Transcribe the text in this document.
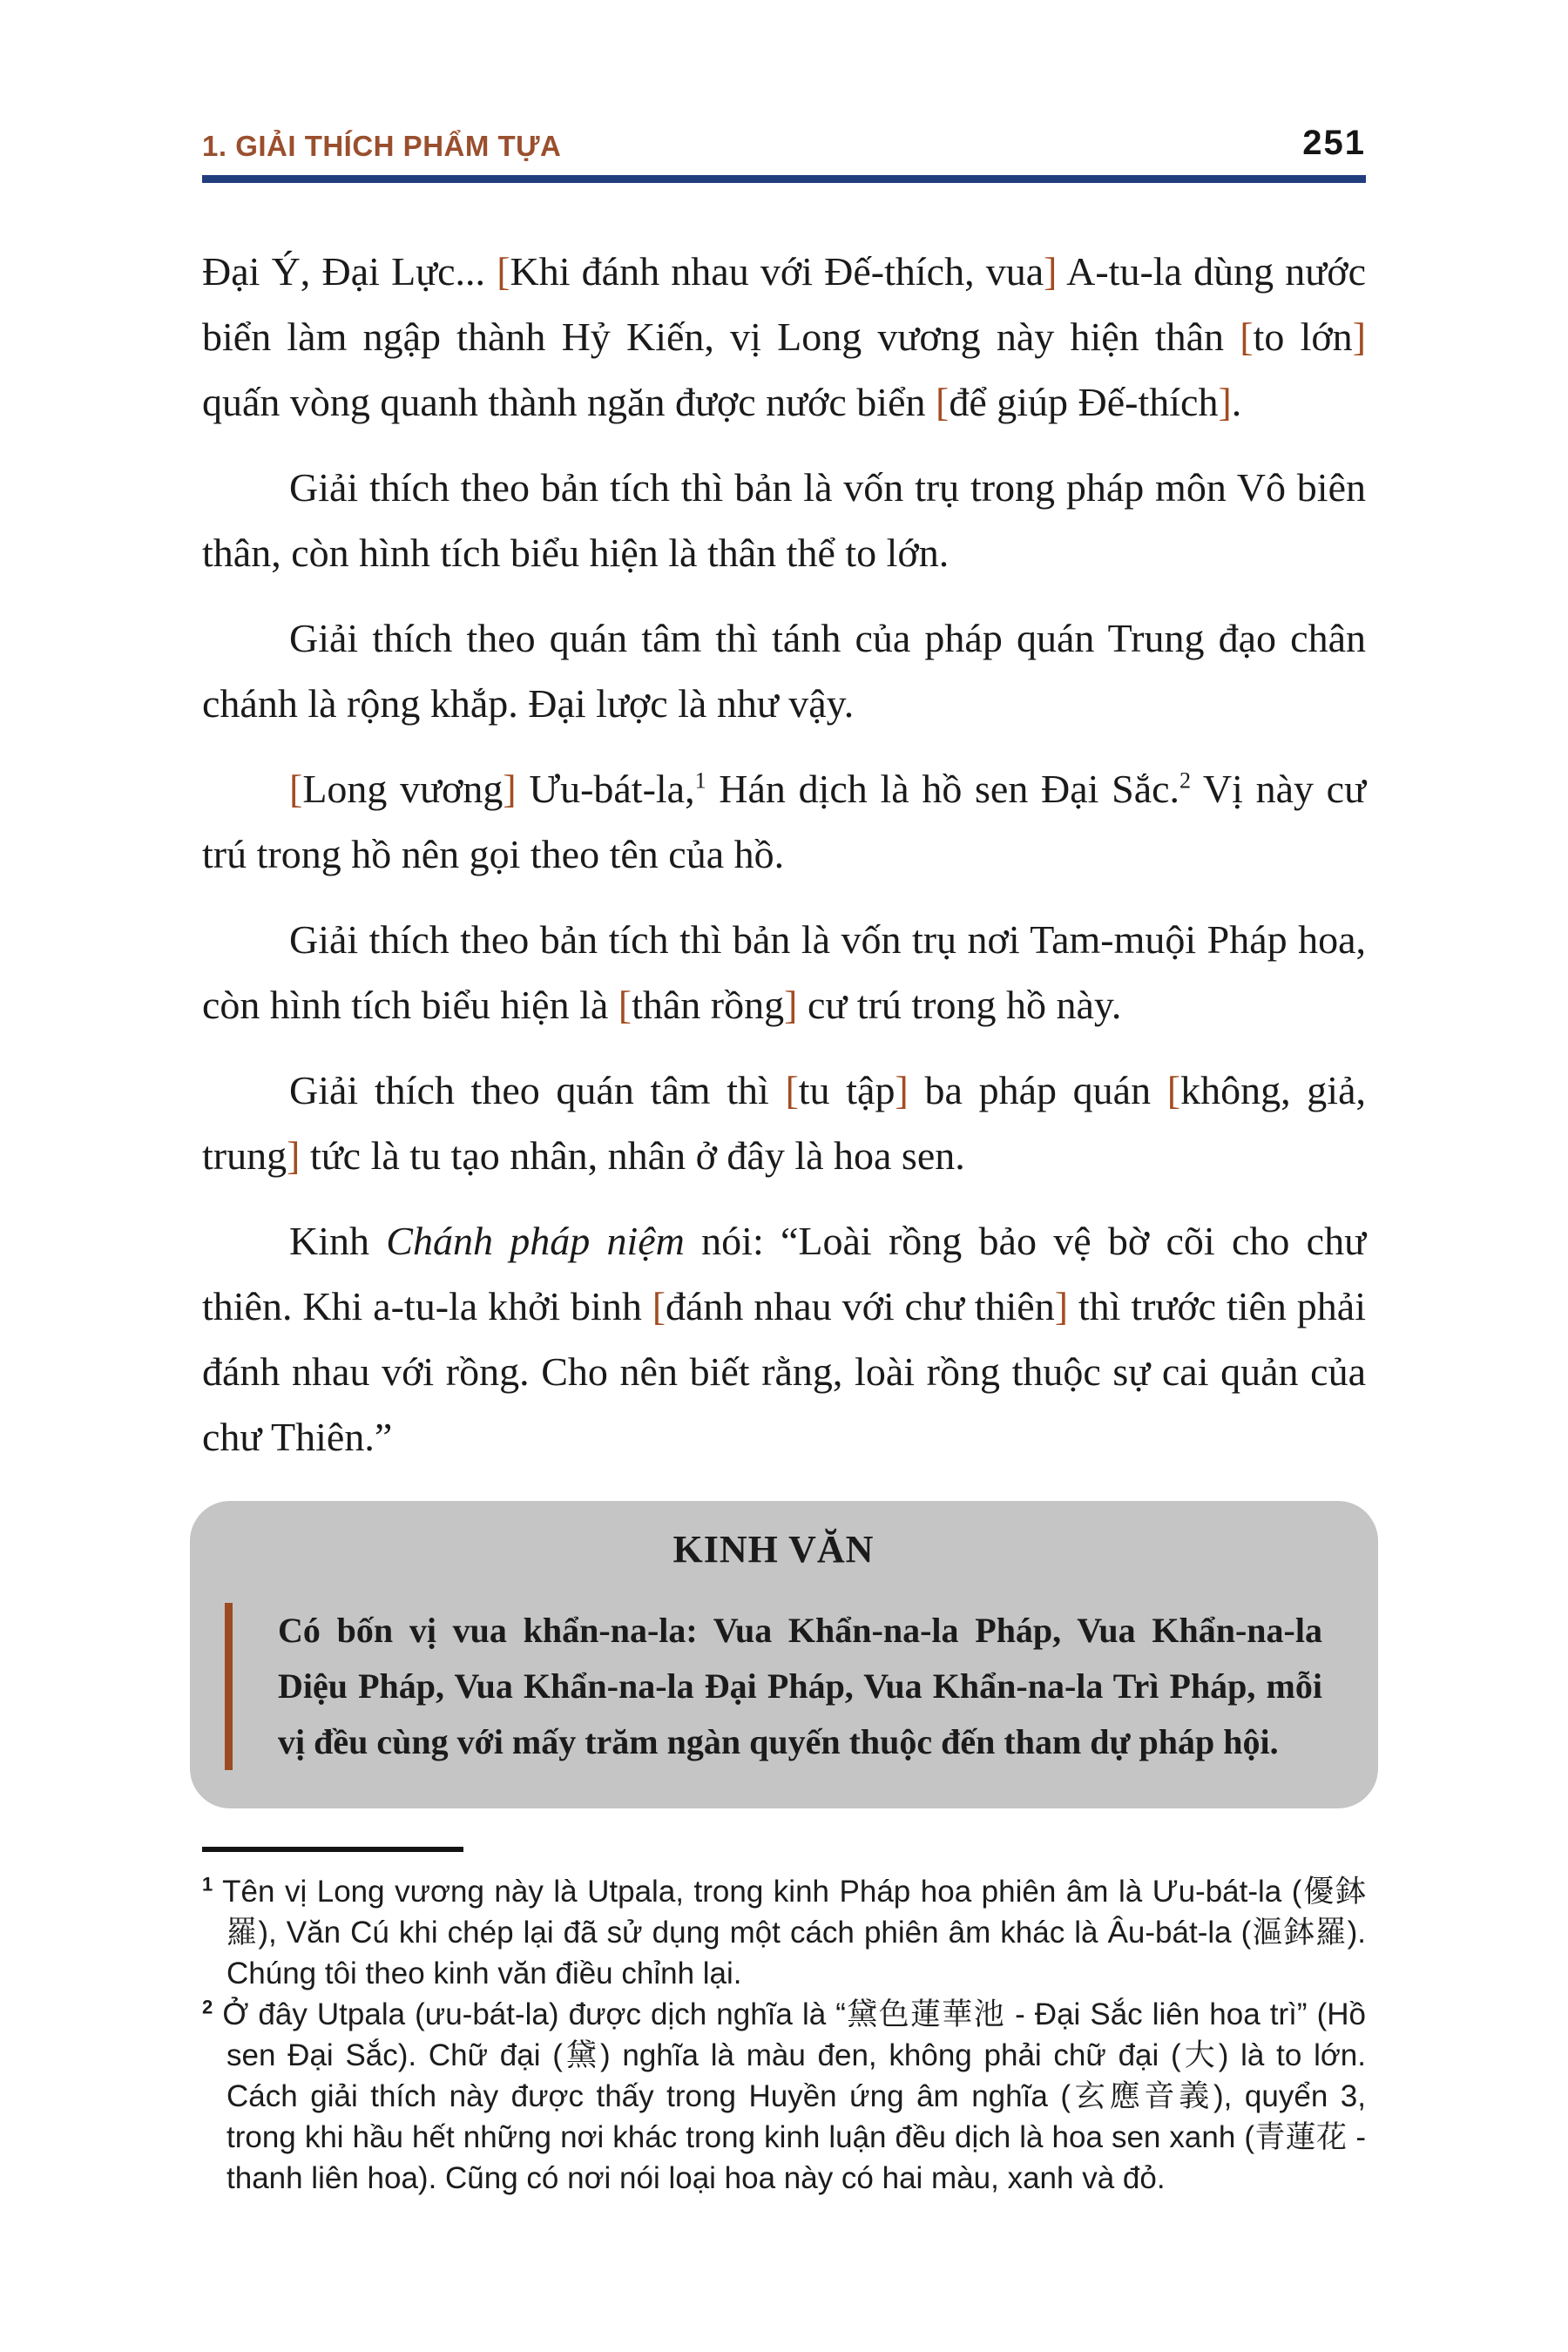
1. GIẢI THÍCH PHẨM TỰA	251

Đại Ý, Đại Lực... [Khi đánh nhau với Đế-thích, vua] A-tu-la dùng nước biển làm ngập thành Hỷ Kiến, vị Long vương này hiện thân [to lớn] quấn vòng quanh thành ngăn được nước biển [để giúp Đế-thích].

Giải thích theo bản tích thì bản là vốn trụ trong pháp môn Vô biên thân, còn hình tích biểu hiện là thân thể to lớn.

Giải thích theo quán tâm thì tánh của pháp quán Trung đạo chân chánh là rộng khắp. Đại lược là như vậy.

[Long vương] Ưu-bát-la,$^1$ Hán dịch là hồ sen Đại Sắc.$^2$ Vị này cư trú trong hồ nên gọi theo tên của hồ.

Giải thích theo bản tích thì bản là vốn trụ nơi Tam-muội Pháp hoa, còn hình tích biểu hiện là [thân rồng] cư trú trong hồ này.

Giải thích theo quán tâm thì [tu tập] ba pháp quán [không, giả, trung] tức là tu tạo nhân, nhân ở đây là hoa sen.

Kinh Chánh pháp niệm nói: “Loài rồng bảo vệ bờ cõi cho chư thiên. Khi a-tu-la khởi binh [đánh nhau với chư thiên] thì trước tiên phải đánh nhau với rồng. Cho nên biết rằng, loài rồng thuộc sự cai quản của chư Thiên.”

KINH VĂN
Có bốn vị vua khẩn-na-la: Vua Khẩn-na-la Pháp, Vua Khẩn-na-la Diệu Pháp, Vua Khẩn-na-la Đại Pháp, Vua Khẩn-na-la Trì Pháp, mỗi vị đều cùng với mấy trăm ngàn quyến thuộc đến tham dự pháp hội.

$^1$ Tên vị Long vương này là Utpala, trong kinh Pháp hoa phiên âm là Ưu-bát-la (優鉢羅), Văn Cú khi chép lại đã sử dụng một cách phiên âm khác là Âu-bát-la (漚鉢羅). Chúng tôi theo kinh văn điều chỉnh lại.

$^2$ Ở đây Utpala (ưu-bát-la) được dịch nghĩa là “黛色蓮華池 - Đại Sắc liên hoa trì” (Hồ sen Đại Sắc). Chữ đại (黛) nghĩa là màu đen, không phải chữ đại (大) là to lớn. Cách giải thích này được thấy trong Huyền ứng âm nghĩa (玄應音義), quyển 3, trong khi hầu hết những nơi khác trong kinh luận đều dịch là hoa sen xanh (青蓮花 - thanh liên hoa). Cũng có nơi nói loại hoa này có hai màu, xanh và đỏ.
